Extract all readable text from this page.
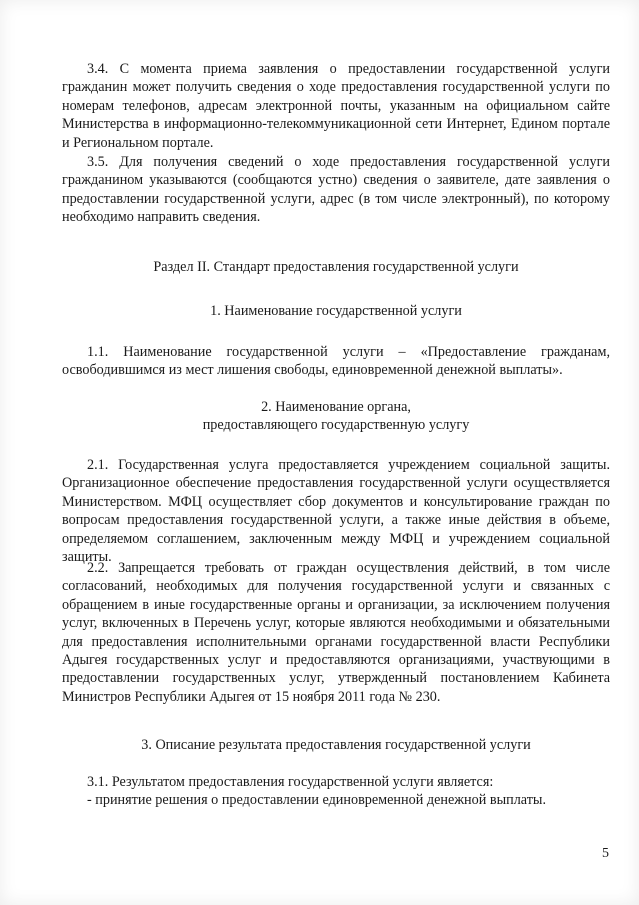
3.4. С момента приема заявления о предоставлении государственной услуги гражданин может получить сведения о ходе предоставления государственной услуги по номерам телефонов, адресам электронной почты, указанным на официальном сайте Министерства в информационно-телекоммуникационной сети Интернет, Едином портале и Региональном портале.

3.5. Для получения сведений о ходе предоставления государственной услуги гражданином указываются (сообщаются устно) сведения о заявителе, дате заявления о предоставлении государственной услуги, адрес (в том числе электронный), по которому необходимо направить сведения.

Раздел II. Стандарт предоставления государственной услуги

1. Наименование государственной услуги

1.1. Наименование государственной услуги – «Предоставление гражданам, освободившимся из мест лишения свободы, единовременной денежной выплаты».

2. Наименование органа,
предоставляющего государственную услугу

2.1. Государственная услуга предоставляется учреждением социальной защиты. Организационное обеспечение предоставления государственной услуги осуществляется Министерством. МФЦ осуществляет сбор документов и консультирование граждан по вопросам предоставления государственной услуги, а также иные действия в объеме, определяемом соглашением, заключенным между МФЦ и учреждением социальной защиты.

2.2. Запрещается требовать от граждан осуществления действий, в том числе согласований, необходимых для получения государственной услуги и связанных с обращением в иные государственные органы и организации, за исключением получения услуг, включенных в Перечень услуг, которые являются необходимыми и обязательными для предоставления исполнительными органами государственной власти Республики Адыгея государственных услуг и предоставляются организациями, участвующими в предоставлении государственных услуг, утвержденный постановлением Кабинета Министров Республики Адыгея от 15 ноября 2011 года № 230.

3. Описание результата предоставления государственной услуги

3.1. Результатом предоставления государственной услуги является:

- принятие решения о предоставлении единовременной денежной выплаты.

5
